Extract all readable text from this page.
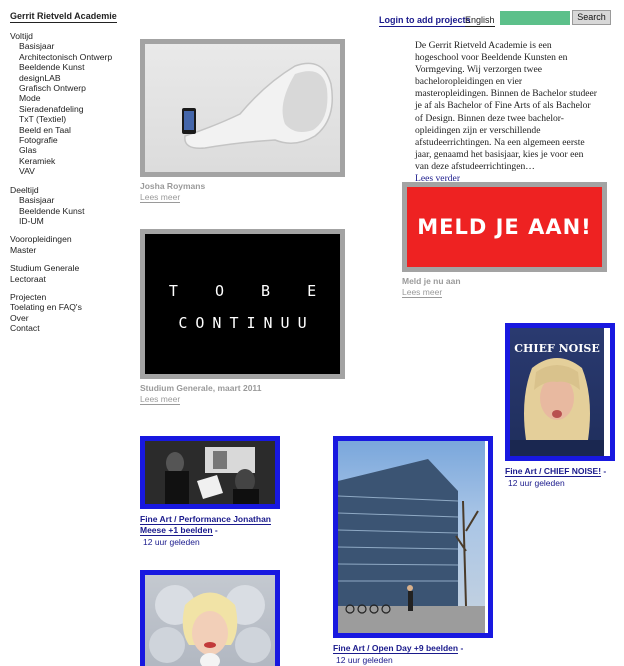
Gerrit Rietveld Academie
Voltijd
Basisjaar
Architectonisch Ontwerp
Beeldende Kunst
designLAB
Grafisch Ontwerp
Mode
Sieradenafdeling
TxT (Textiel)
Beeld en Taal
Fotografie
Glas
Keramiek
VAV
Deeltijd
Basisjaar
Beeldende Kunst
ID-UM
Vooropleidingen
Master
Studium Generale
Lectoraat
Projecten
Toelating en FAQ's
Over
Contact
Login to add projects
English	Search
Josha Roymans
Lees meer
De Gerrit Rietveld Academie is een hogeschool voor Beeldende Kunsten en Vormgeving. Wij verzorgen twee bacheloropleidingen en vier masteropleidingen. Binnen de Bachelor studeer je af als Bachelor of Fine Arts of als Bachelor of Design. Binnen deze twee bachelor-opleidingen zijn er verschillende afstudeerrichtingen. Na een algemeen eerste jaar, genaamd het basisjaar, kies je voor een van deze afstudeerrichtingen…
Lees verder
MELD JE AAN!
Meld je nu aan
Lees meer
T O B E
CONTINUU
Studium Generale, maart 2011
Lees meer
CHIEF NOISE
Fine Art / CHIEF NOISE! -
12 uur geleden
Fine Art / Performance Jonathan Meese +1 beelden -
12 uur geleden
Fine Art / Open Day +9 beelden -
12 uur geleden
